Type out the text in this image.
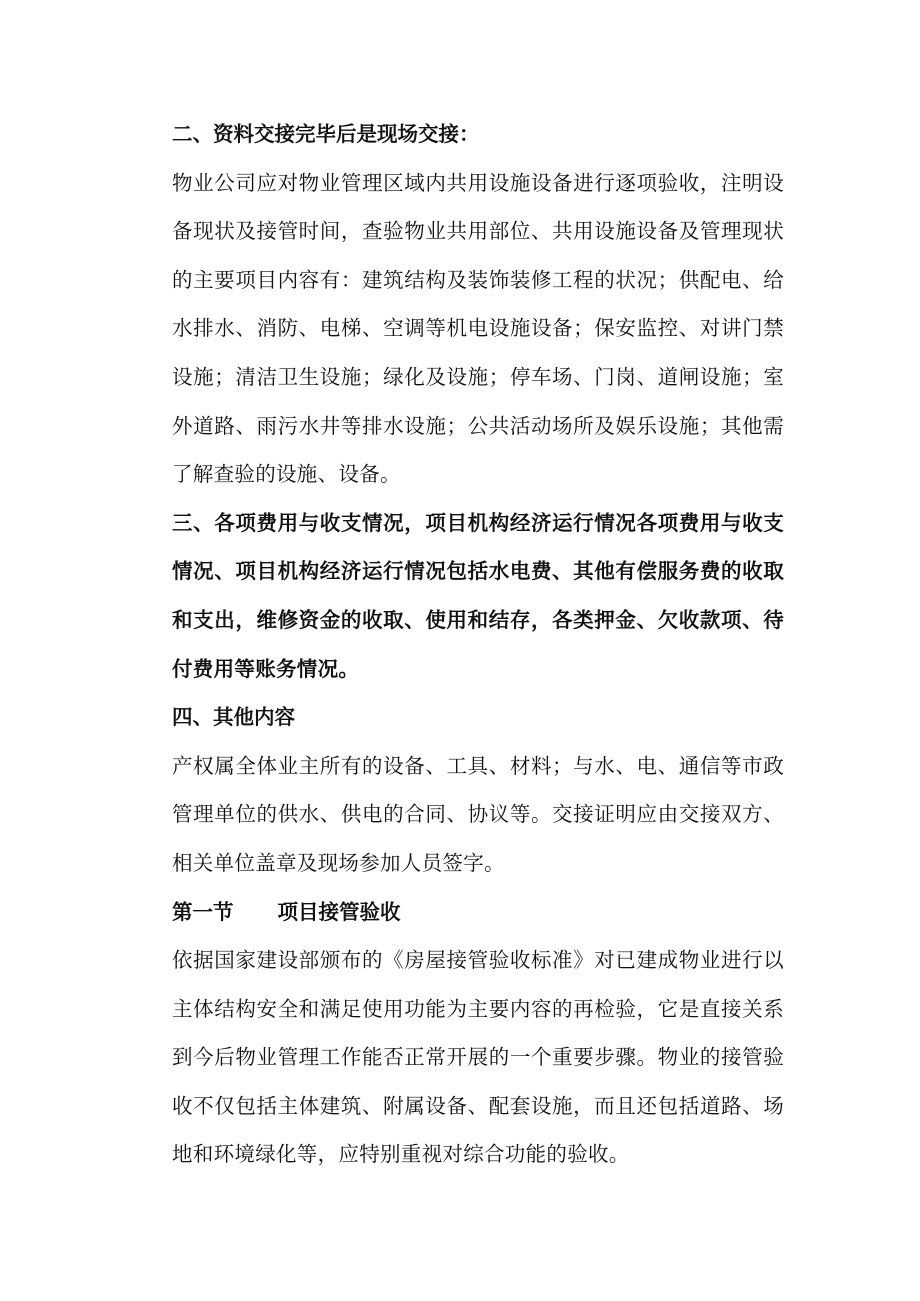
二、资料交接完毕后是现场交接：

物业公司应对物业管理区域内共用设施设备进行逐项验收，注明设备现状及接管时间，查验物业共用部位、共用设施设备及管理现状的主要项目内容有：建筑结构及装饰装修工程的状况；供配电、给水排水、消防、电梯、空调等机电设施设备；保安监控、对讲门禁设施；清洁卫生设施；绿化及设施；停车场、门岗、道闸设施；室外道路、雨污水井等排水设施；公共活动场所及娱乐设施；其他需了解查验的设施、设备。

三、各项费用与收支情况，项目机构经济运行情况各项费用与收支情况、项目机构经济运行情况包括水电费、其他有偿服务费的收取和支出，维修资金的收取、使用和结存，各类押金、欠收款项、待付费用等账务情况。

四、其他内容

产权属全体业主所有的设备、工具、材料；与水、电、通信等市政管理单位的供水、供电的合同、协议等。交接证明应由交接双方、相关单位盖章及现场参加人员签字。

第一节 项目接管验收

依据国家建设部颁布的《房屋接管验收标准》对已建成物业进行以主体结构安全和满足使用功能为主要内容的再检验，它是直接关系到今后物业管理工作能否正常开展的一个重要步骤。物业的接管验收不仅包括主体建筑、附属设备、配套设施，而且还包括道路、场地和环境绿化等，应特别重视对综合功能的验收。
